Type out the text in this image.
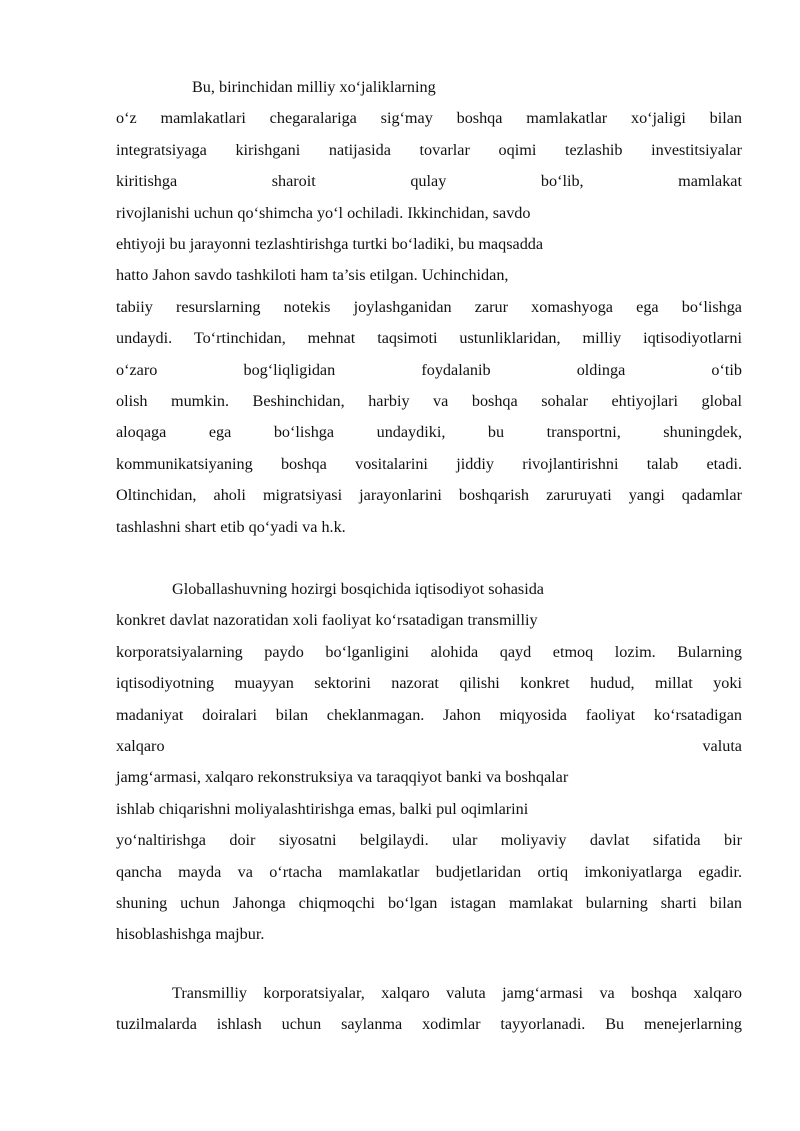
Bu, birinchidan milliy xo‘jaliklarning
o‘z mamlakatlari chegaralariga sig‘may boshqa mamlakatlar xo‘jaligi bilan
integratsiyaga kirishgani natijasida tovarlar oqimi tezlashib investitsiyalar
kiritishga sharoit qulay bo‘lib, mamlakat
rivojlanishi uchun qo‘shimcha yo‘l ochiladi. Ikkinchidan, savdo
ehtiyoji bu jarayonni tezlashtirishga turtki bo‘ladiki, bu maqsadda
hatto Jahon savdo tashkiloti ham ta’sis etilgan. Uchinchidan,
tabiiy resurslarning notekis joylashganidan zarur xomashyoga ega bo‘lishga
undaydi. To‘rtinchidan, mehnat taqsimoti ustunliklaridan, milliy iqtisodiyotlarni
o‘zaro bog‘liqligidan foydalanib oldinga o‘tib
olish mumkin. Beshinchidan, harbiy va boshqa sohalar ehtiyojlari global
aloqaga ega bo‘lishga undaydiki, bu transportni, shuningdek,
kommunikatsiyaning boshqa vositalarini jiddiy rivojlantirishni talab etadi.
Oltinchidan, aholi migratsiyasi jarayonlarini boshqarish zaruruyati yangi qadamlar
tashlashni shart etib qo‘yadi va h.k.
Globallashuvning hozirgi bosqichida iqtisodiyot sohasida
konkret davlat nazoratidan xoli faoliyat ko‘rsatadigan transmilliy
korporatsiyalarning paydo bo‘lganligini alohida qayd etmoq lozim. Bularning
iqtisodiyotning muayyan sektorini nazorat qilishi konkret hudud, millat yoki
madaniyat doiralari bilan cheklanmagan. Jahon miqyosida faoliyat ko‘rsatadigan
xalqaro valuta
jamg‘armasi, xalqaro rekonstruksiya va taraqqiyot banki va boshqalar
ishlab chiqarishni moliyalashtirishga emas, balki pul oqimlarini
yo‘naltirishga doir siyosatni belgilaydi. ular moliyaviy davlat sifatida bir
qancha mayda va o‘rtacha mamlakatlar budjetlaridan ortiq imkoniyatlarga egadir.
shuning uchun Jahonga chiqmoqchi bo‘lgan istagan mamlakat bularning sharti bilan
hisoblashishga majbur.
Transmilliy korporatsiyalar, xalqaro valuta jamg‘armasi va boshqa xalqaro
tuzilmalarda ishlash uchun saylanma xodimlar tayyorlanadi. Bu menejerlarning
